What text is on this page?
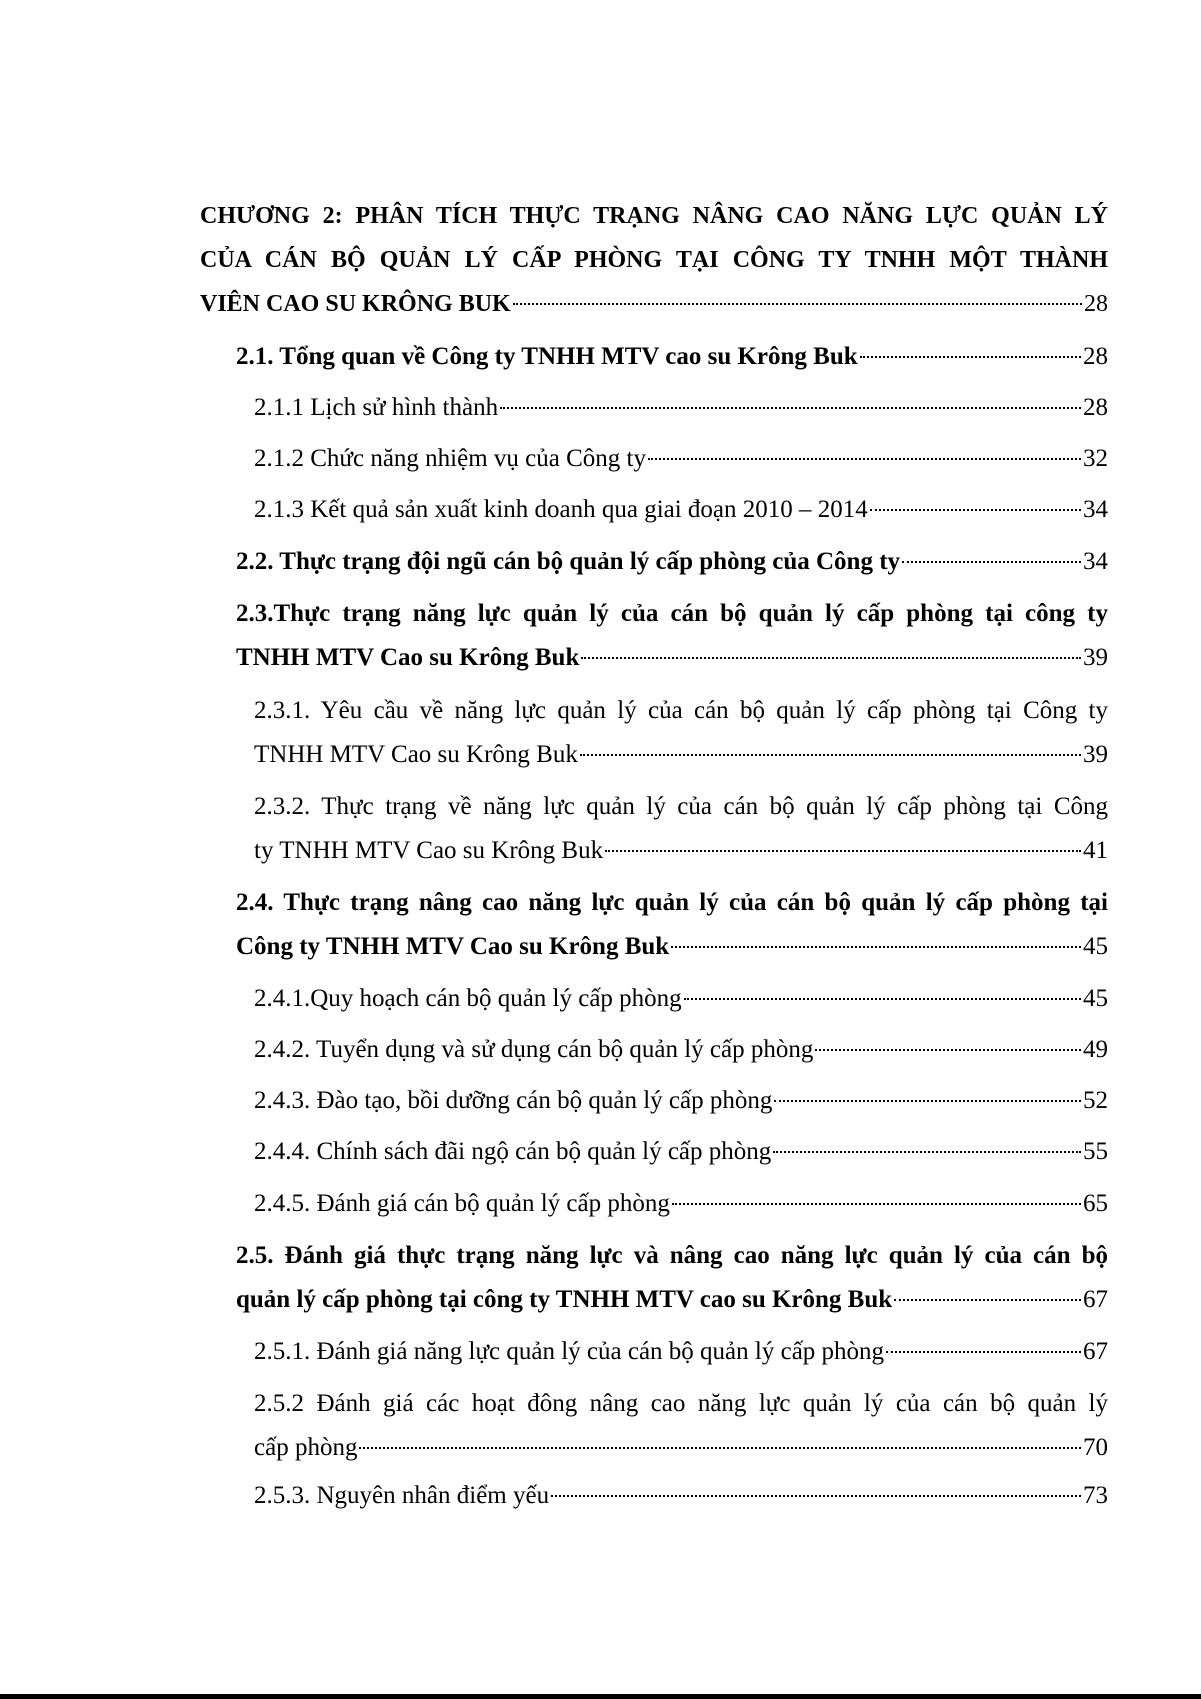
CHƯƠNG 2: PHÂN TÍCH THỰC TRẠNG NÂNG CAO NĂNG LỰC QUẢN LÝ
CỦA CÁN BỘ QUẢN LÝ CẤP PHÒNG TẠI CÔNG TY TNHH MỘT THÀNH
VIÊN CAO SU KRÔNG BUK	28
2.1. Tổng quan về Công ty TNHH MTV cao su Krông Buk	28
2.1.1 Lịch sử hình thành	28
2.1.2 Chức năng nhiệm vụ của Công ty	32
2.1.3 Kết quả sản xuất kinh doanh qua giai đoạn 2010 – 2014	34
2.2. Thực trạng đội ngũ cán bộ quản lý cấp phòng của Công ty	34
2.3.Thực trạng năng lực quản lý của cán bộ quản lý cấp phòng tại công ty
TNHH MTV Cao su Krông Buk	39
2.3.1. Yêu cầu về năng lực quản lý của cán bộ quản lý cấp phòng tại Công ty
TNHH MTV Cao su Krông Buk	39
2.3.2. Thực trạng về năng lực quản lý của cán bộ quản lý cấp phòng tại Công
ty TNHH MTV Cao su Krông Buk	41
2.4. Thực trạng nâng cao năng lực quản lý của cán bộ quản lý cấp phòng tại
Công ty TNHH MTV Cao su Krông Buk	45
2.4.1.Quy hoạch cán bộ quản lý cấp phòng	45
2.4.2. Tuyển dụng và sử dụng cán bộ quản lý cấp phòng	49
2.4.3. Đào tạo, bồi dưỡng cán bộ quản lý cấp phòng	52
2.4.4. Chính sách đãi ngộ cán bộ quản lý cấp phòng	55
2.4.5. Đánh giá cán bộ quản lý cấp phòng	65
2.5. Đánh giá thực trạng năng lực và nâng cao năng lực quản lý của cán bộ
quản lý cấp phòng tại công ty TNHH MTV cao su Krông Buk	67
2.5.1. Đánh giá năng lực quản lý của cán bộ quản lý cấp phòng	67
2.5.2 Đánh giá các hoạt đông nâng cao năng lực quản lý của cán bộ quản lý
cấp phòng	70
2.5.3. Nguyên nhân điểm yếu	73
